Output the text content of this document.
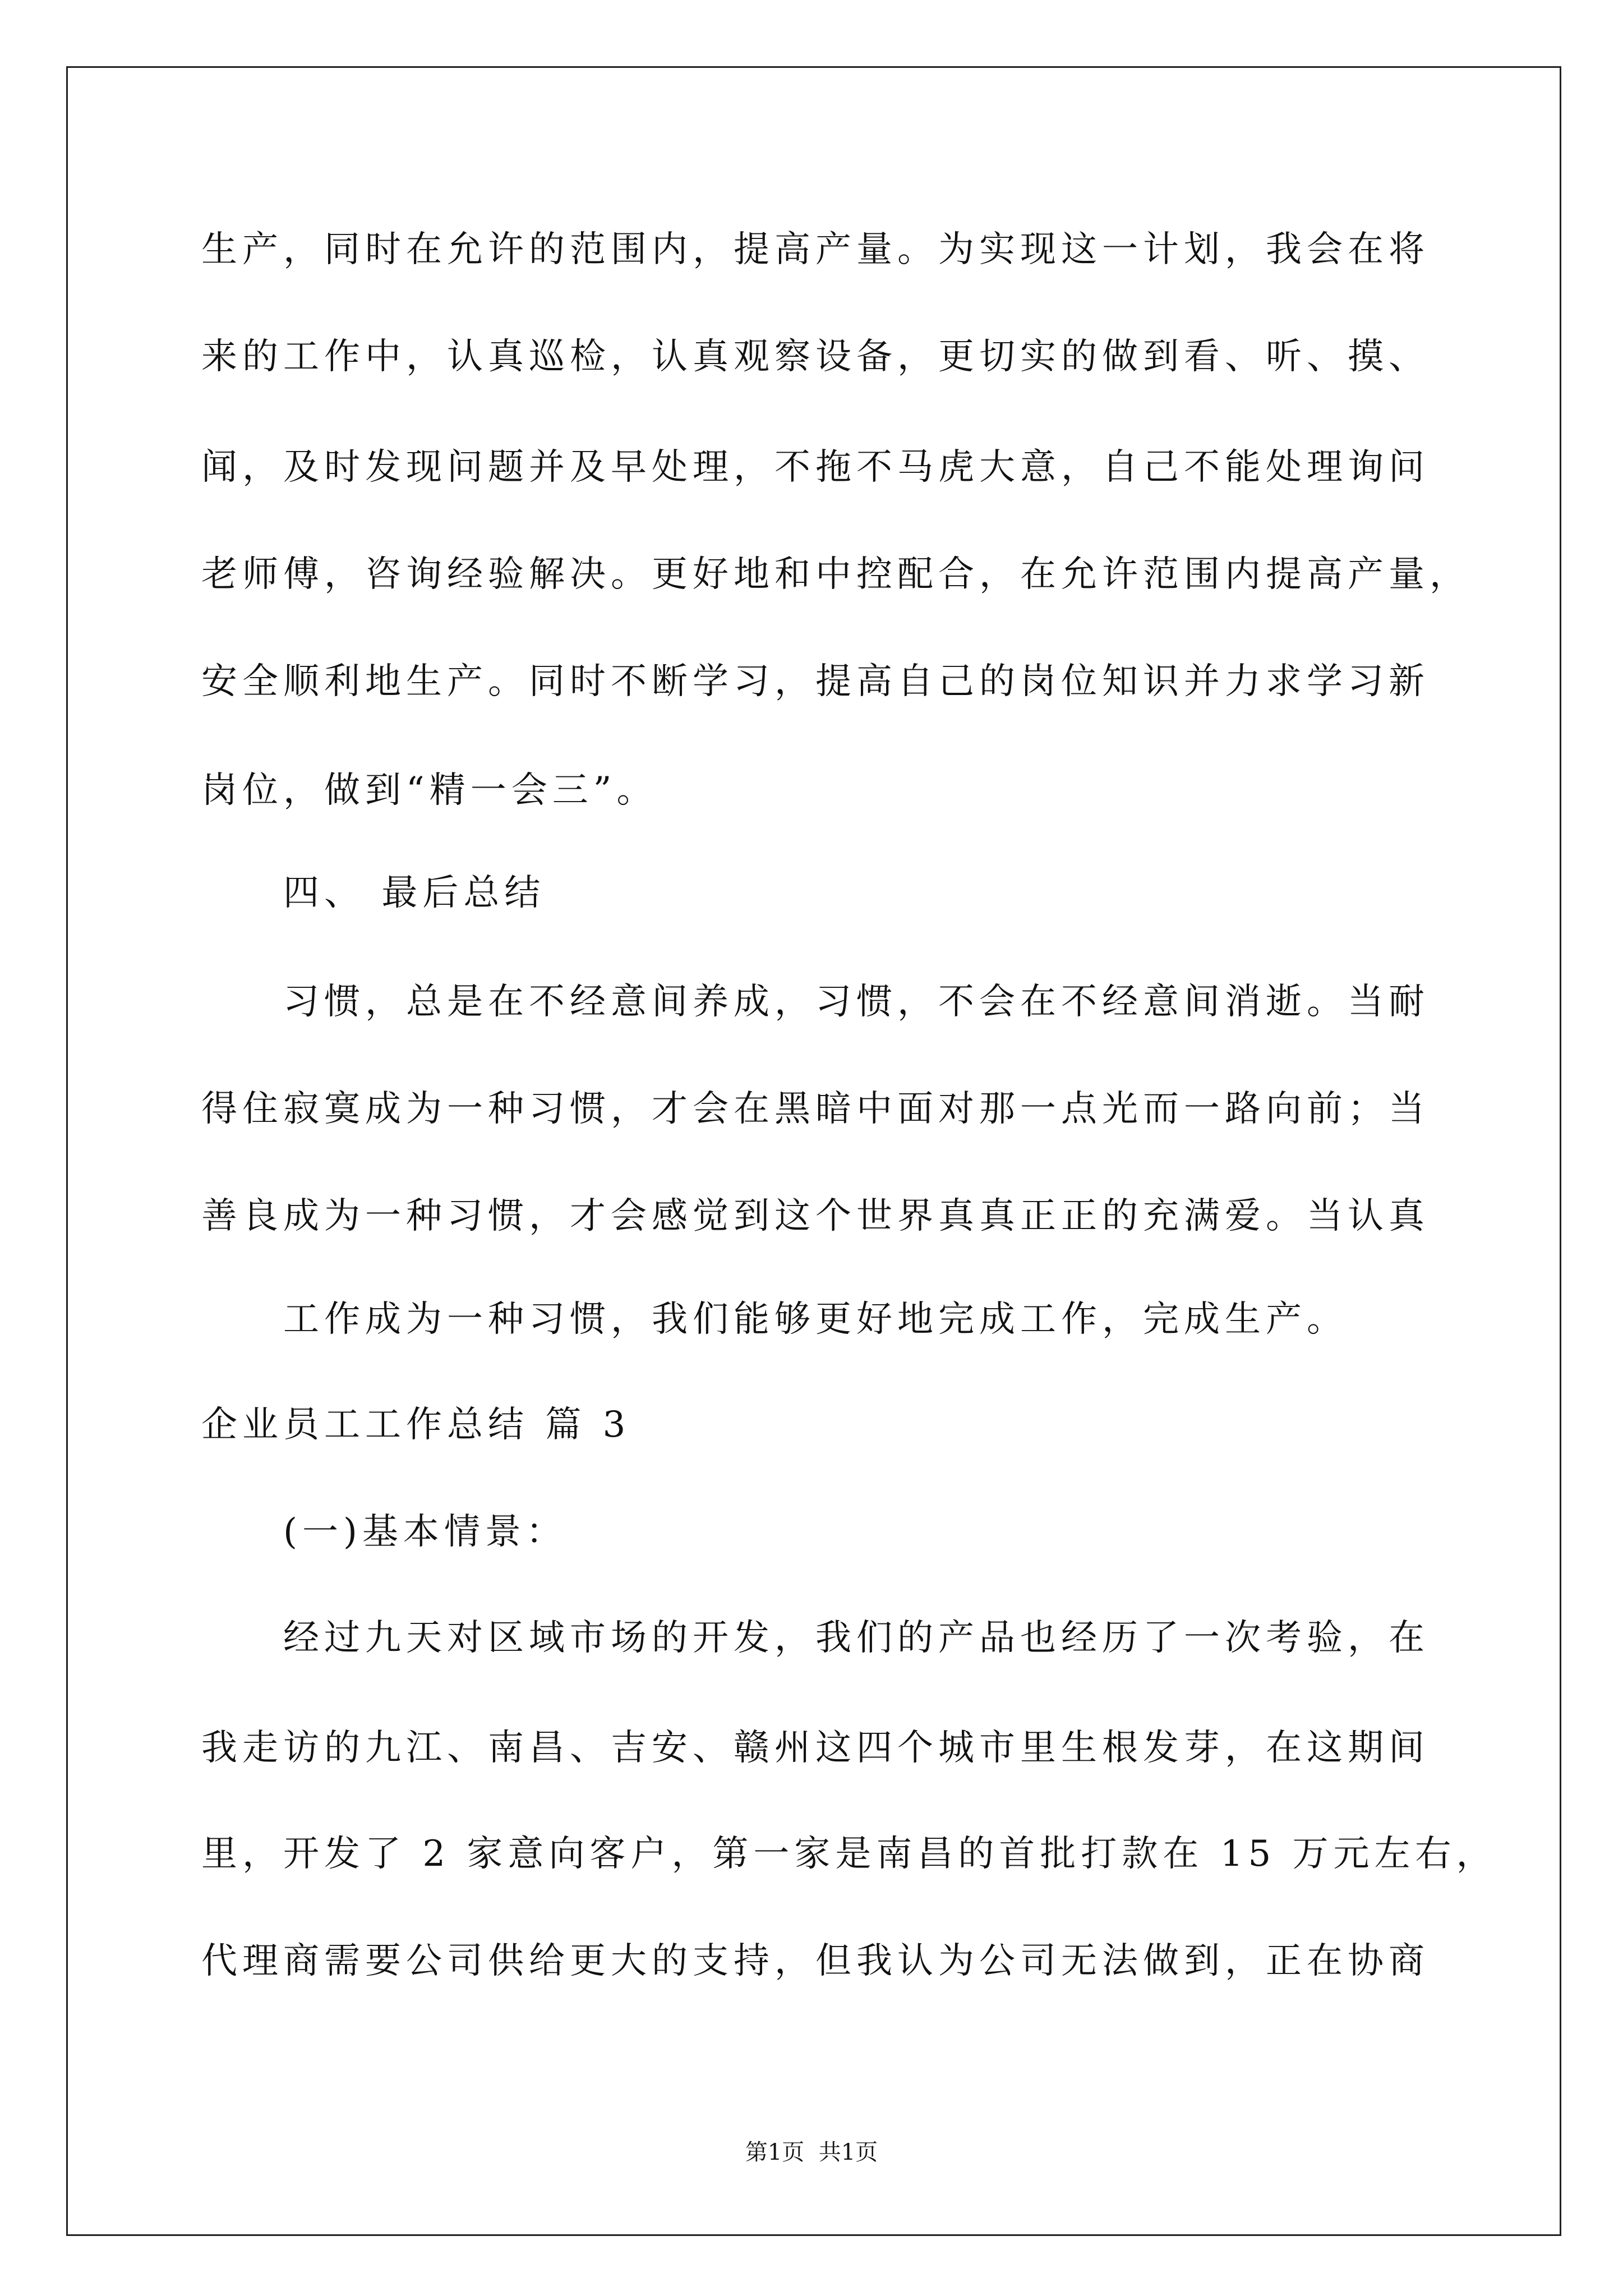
生产，同时在允许的范围内，提高产量。为实现这一计划，我会在将
来的工作中，认真巡检，认真观察设备，更切实的做到看、听、摸、
闻，及时发现问题并及早处理，不拖不马虎大意，自己不能处理询问
老师傅，咨询经验解决。更好地和中控配合，在允许范围内提高产量，
安全顺利地生产。同时不断学习，提高自己的岗位知识并力求学习新
岗位，做到“精一会三”。
四、 最后总结
习惯，总是在不经意间养成，习惯，不会在不经意间消逝。当耐
得住寂寞成为一种习惯，才会在黑暗中面对那一点光而一路向前；当
善良成为一种习惯，才会感觉到这个世界真真正正的充满爱。当认真
工作成为一种习惯，我们能够更好地完成工作，完成生产。
企业员工工作总结 篇 3
(一)基本情景：
经过九天对区域市场的开发，我们的产品也经历了一次考验，在
我走访的九江、南昌、吉安、赣州这四个城市里生根发芽，在这期间
里，开发了 2 家意向客户，第一家是南昌的首批打款在 15 万元左右，
代理商需要公司供给更大的支持，但我认为公司无法做到，正在协商
第1页  共1页
